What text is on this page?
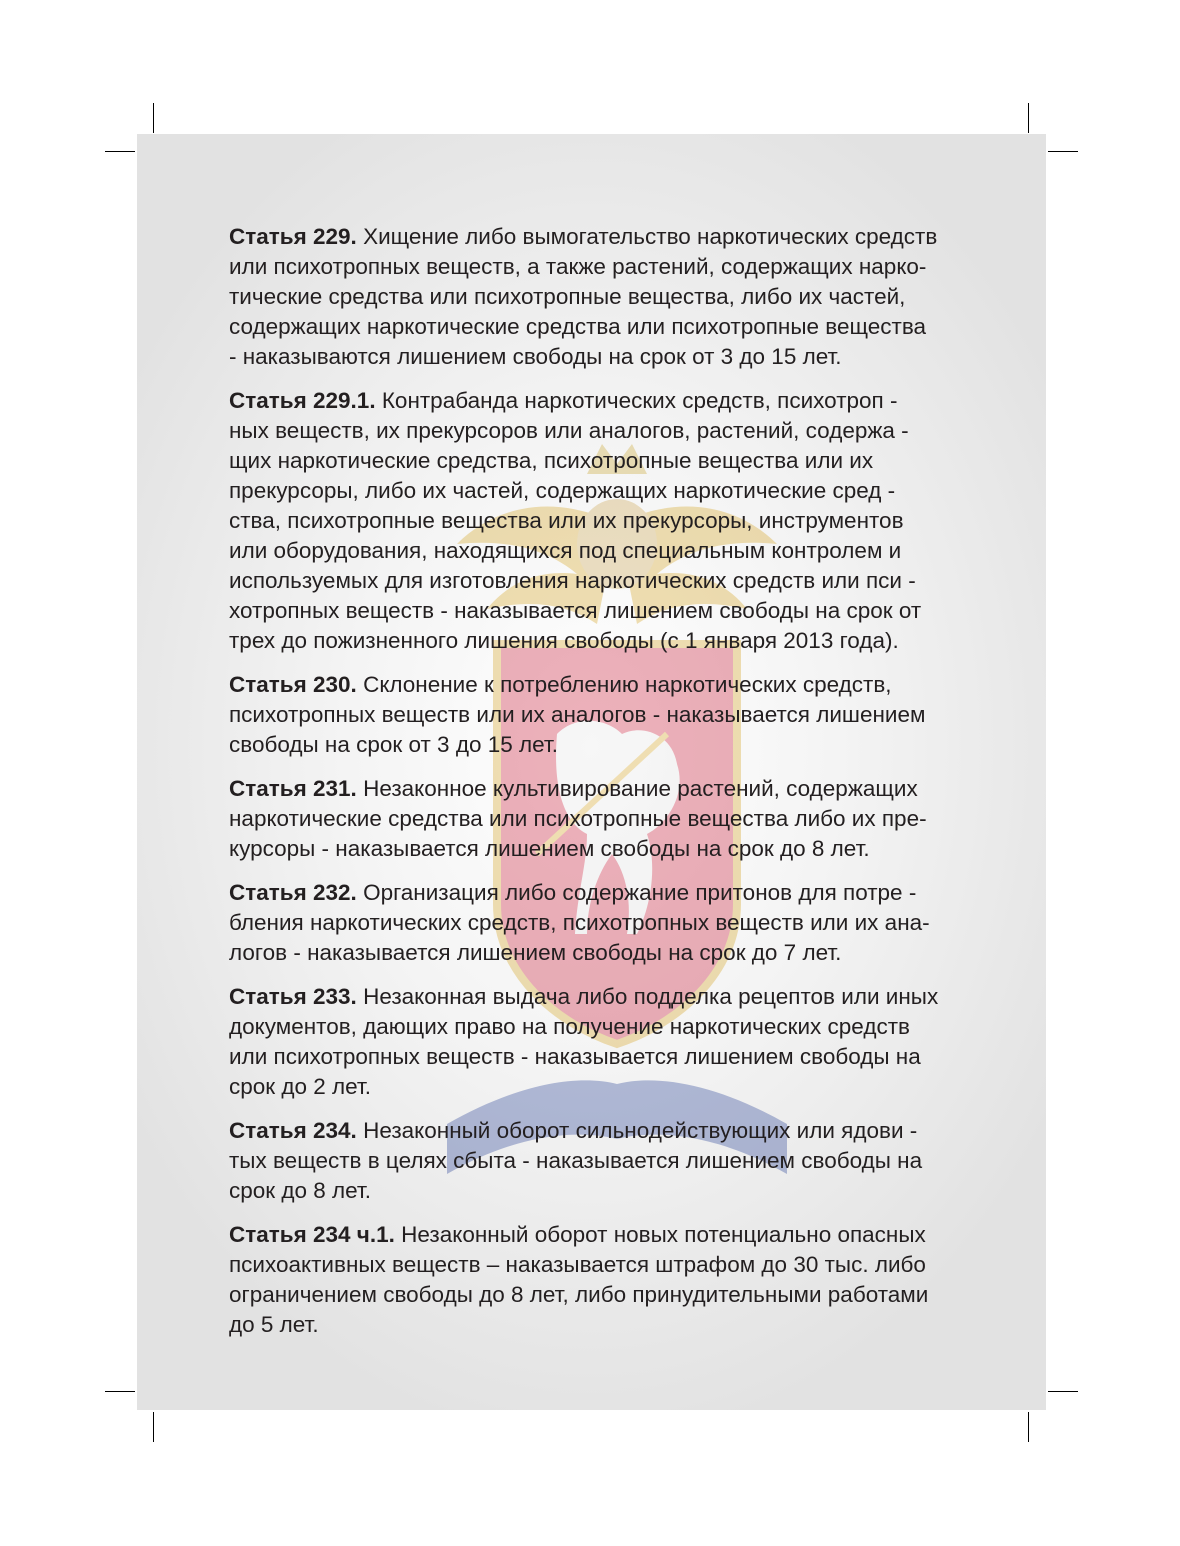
Статья 229. Хищение либо вымогательство наркотических средств
или психотропных веществ, а также растений, содержащих нарко-
тические средства или психотропные вещества, либо их частей,
содержащих наркотические средства или психотропные вещества
- наказываются лишением свободы на срок от 3 до 15 лет.

Статья 229.1. Контрабанда наркотических средств, психотроп -
ных веществ, их прекурсоров или аналогов, растений, содержа -
щих наркотические средства, психотропные вещества или их
прекурсоры, либо их частей, содержащих наркотические сред -
ства, психотропные вещества или их прекурсоры, инструментов
или оборудования, находящихся под специальным контролем и
используемых для изготовления наркотических средств или пси -
хотропных веществ - наказывается лишением свободы на срок от
трех до пожизненного лишения свободы (с 1 января 2013 года).

Статья 230. Склонение к потреблению наркотических средств,
психотропных веществ или их аналогов - наказывается лишением
свободы на срок от 3 до 15 лет.

Статья 231. Незаконное культивирование растений, содержащих
наркотические средства или психотропные вещества либо их пре-
курсоры - наказывается лишением свободы на срок до 8 лет.

Статья 232. Организация либо содержание притонов для потре -
бления наркотических средств, психотропных веществ или их ана-
логов - наказывается лишением свободы на срок до 7 лет.

Статья 233. Незаконная выдача либо подделка рецептов или иных
документов, дающих право на получение наркотических средств
или психотропных веществ - наказывается лишением свободы на
срок до 2 лет.

Статья 234. Незаконный оборот сильнодействующих или ядови -
тых веществ в целях сбыта - наказывается лишением свободы на
срок до 8 лет.

Статья 234 ч.1. Незаконный оборот новых потенциально опасных
психоактивных веществ – наказывается штрафом до 30 тыс. либо
ограничением свободы до 8 лет, либо принудительными работами
до 5 лет.
